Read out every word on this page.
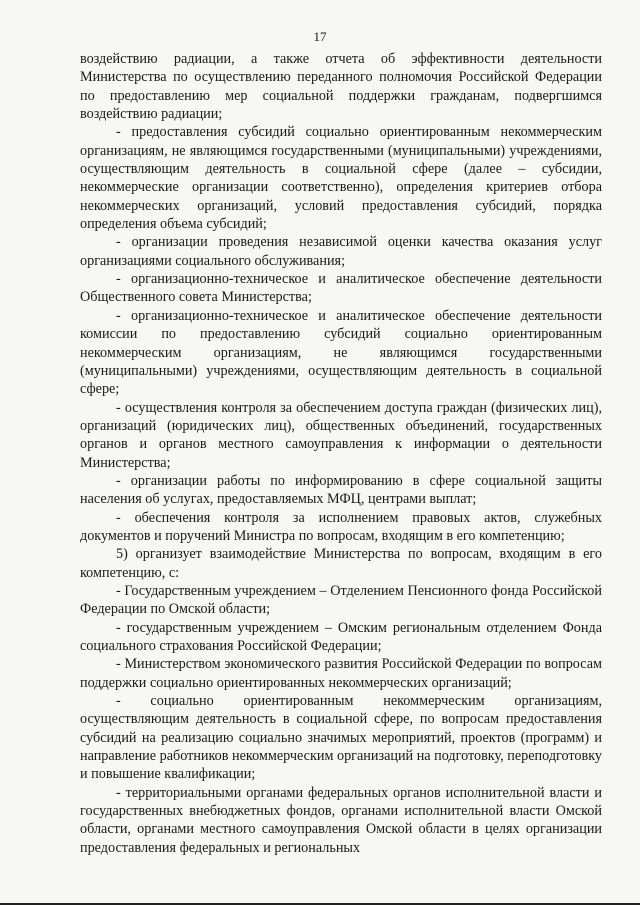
17

воздействию радиации, а также отчета об эффективности деятельности Министерства по осуществлению переданного полномочия Российской Федерации по предоставлению мер социальной поддержки гражданам, подвергшимся воздействию радиации;

- предоставления субсидий социально ориентированным некоммерческим организациям, не являющимся государственными (муниципальными) учреждениями, осуществляющим деятельность в социальной сфере (далее – субсидии, некоммерческие организации соответственно), определения критериев отбора некоммерческих организаций, условий предоставления субсидий, порядка определения объема субсидий;

- организации проведения независимой оценки качества оказания услуг организациями социального обслуживания;

- организационно-техническое и аналитическое обеспечение деятельности Общественного совета Министерства;

- организационно-техническое и аналитическое обеспечение деятельности комиссии по предоставлению субсидий социально ориентированным некоммерческим организациям, не являющимся государственными (муниципальными) учреждениями, осуществляющим деятельность в социальной сфере;

- осуществления контроля за обеспечением доступа граждан (физических лиц), организаций (юридических лиц), общественных объединений, государственных органов и органов местного самоуправления к информации о деятельности Министерства;

- организации работы по информированию в сфере социальной защиты населения об услугах, предоставляемых МФЦ, центрами выплат;

- обеспечения контроля за исполнением правовых актов, служебных документов и поручений Министра по вопросам, входящим в его компетенцию;

5) организует взаимодействие Министерства по вопросам, входящим в его компетенцию, с:

- Государственным учреждением – Отделением Пенсионного фонда Российской Федерации по Омской области;

- государственным учреждением – Омским региональным отделением Фонда социального страхования Российской Федерации;

- Министерством экономического развития Российской Федерации по вопросам поддержки социально ориентированных некоммерческих организаций;

- социально ориентированным некоммерческим организациям, осуществляющим деятельность в социальной сфере, по вопросам предоставления субсидий на реализацию социально значимых мероприятий, проектов (программ) и направление работников некоммерческим организаций на подготовку, переподготовку и повышение квалификации;

- территориальными органами федеральных органов исполнительной власти и государственных внебюджетных фондов, органами исполнительной власти Омской области, органами местного самоуправления Омской области в целях организации предоставления федеральных и региональных
